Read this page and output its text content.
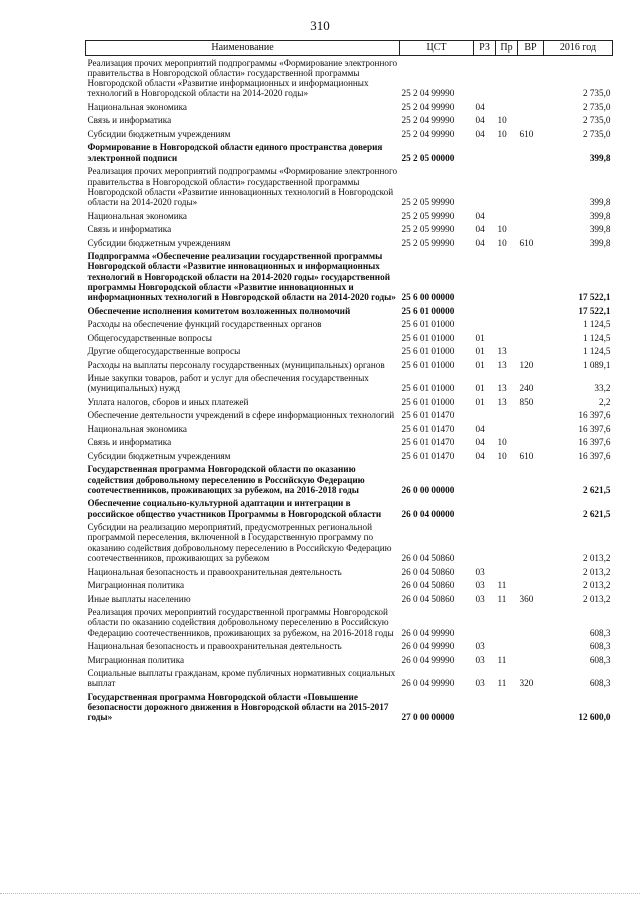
310
Наименование	ЦСТ	РЗ	Пр	ВР	2016 год
Реализация прочих мероприятий подпрограммы «Формирование электронного правительства в Новгородской области» государственной программы Новгородской области «Развитие информационных и информационных технологий в Новгородской области на 2014-2020 годы»	25 2 04 99990				2 735,0
Национальная экономика	25 2 04 99990	04			2 735,0
Связь и информатика	25 2 04 99990	04	10		2 735,0
Субсидии бюджетным учреждениям	25 2 04 99990	04	10	610	2 735,0
Формирование в Новгородской области единого пространства доверия электронной подписи	25 2 05 00000				399,8
Реализация прочих мероприятий подпрограммы «Формирование электронного правительства в Новгородской области» государственной программы Новгородской области «Развитие инновационных технологий в Новгородской области на 2014-2020 годы»	25 2 05 99990				399,8
Национальная экономика	25 2 05 99990	04			399,8
Связь и информатика	25 2 05 99990	04	10		399,8
Субсидии бюджетным учреждениям	25 2 05 99990	04	10	610	399,8
Подпрограмма «Обеспечение реализации государственной программы Новгородской области «Развитие инновационных и информационных технологий в Новгородской области на 2014-2020 годы» государственной программы Новгородской области «Развитие инновационных и информационных технологий в Новгородской области на 2014-2020 годы»	25 6 00 00000				17 522,1
Обеспечение исполнения комитетом возложенных полномочий	25 6 01 00000				17 522,1
Расходы на обеспечение функций государственных органов	25 6 01 01000				1 124,5
Общегосударственные вопросы	25 6 01 01000	01			1 124,5
Другие общегосударственные вопросы	25 6 01 01000	01	13		1 124,5
Расходы на выплаты персоналу государственных (муниципальных) органов	25 6 01 01000	01	13	120	1 089,1
Иные закупки товаров, работ и услуг для обеспечения государственных (муниципальных) нужд	25 6 01 01000	01	13	240	33,2
Уплата налогов, сборов и иных платежей	25 6 01 01000	01	13	850	2,2
Обеспечение деятельности учреждений в сфере информационных технологий	25 6 01 01470				16 397,6
Национальная экономика	25 6 01 01470	04			16 397,6
Связь и информатика	25 6 01 01470	04	10		16 397,6
Субсидии бюджетным учреждениям	25 6 01 01470	04	10	610	16 397,6
Государственная программа Новгородской области по оказанию содействия добровольному переселению в Российскую Федерацию соотечественников, проживающих за рубежом, на 2016-2018 годы	26 0 00 00000				2 621,5
Обеспечение социально-культурной адаптации и интеграции в российское общество участников Программы в Новгородской области	26 0 04 00000				2 621,5
Субсидии на реализацию мероприятий, предусмотренных региональной программой переселения, включенной в Государственную программу по оказанию содействия добровольному переселению в Российскую Федерацию соотечественников, проживающих за рубежом	26 0 04 50860				2 013,2
Национальная безопасность и правоохранительная деятельность	26 0 04 50860	03			2 013,2
Миграционная политика	26 0 04 50860	03	11		2 013,2
Иные выплаты населению	26 0 04 50860	03	11	360	2 013,2
Реализация прочих мероприятий государственной программы Новгородской области по оказанию содействия добровольному переселению в Российскую Федерацию соотечественников, проживающих за рубежом, на 2016-2018 годы	26 0 04 99990				608,3
Национальная безопасность и правоохранительная деятельность	26 0 04 99990	03			608,3
Миграционная политика	26 0 04 99990	03	11		608,3
Социальные выплаты гражданам, кроме публичных нормативных социальных выплат	26 0 04 99990	03	11	320	608,3
Государственная программа Новгородской области «Повышение безопасности дорожного движения в Новгородской области на 2015-2017 годы»	27 0 00 00000				12 600,0
